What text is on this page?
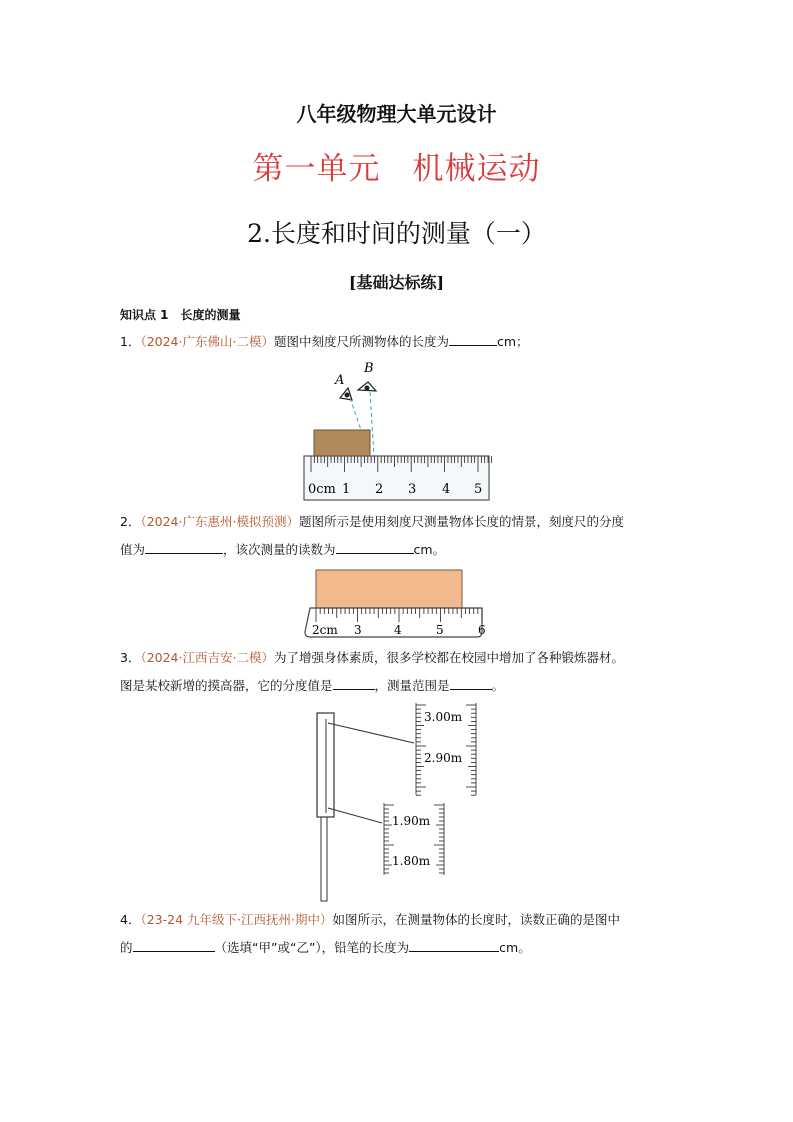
八年级物理大单元设计
第一单元　机械运动
2.长度和时间的测量（一）
[基础达标练]
知识点 1　长度的测量
1．（2024·广东佛山·二模）题图中刻度尺所测物体的长度为	cm；
A
B
0cm 1 2 3 4 5
2．（2024·广东惠州·模拟预测）题图所示是使用刻度尺测量物体长度的情景，刻度尺的分度
值为	，该次测量的读数为	cm。
2cm 3	4	5	6
3．（2024·江西吉安·二模）为了增强身体素质，很多学校都在校园中增加了各种锻炼器材。
图是某校新增的摸高器，它的分度值是	，测量范围是	。
3.00m
2.90m
1.90m
1.80m
4．（23-24 九年级下·江西抚州·期中）如图所示，在测量物体的长度时，读数正确的是图中
的	（选填“甲”或“乙”），铅笔的长度为	cm。
